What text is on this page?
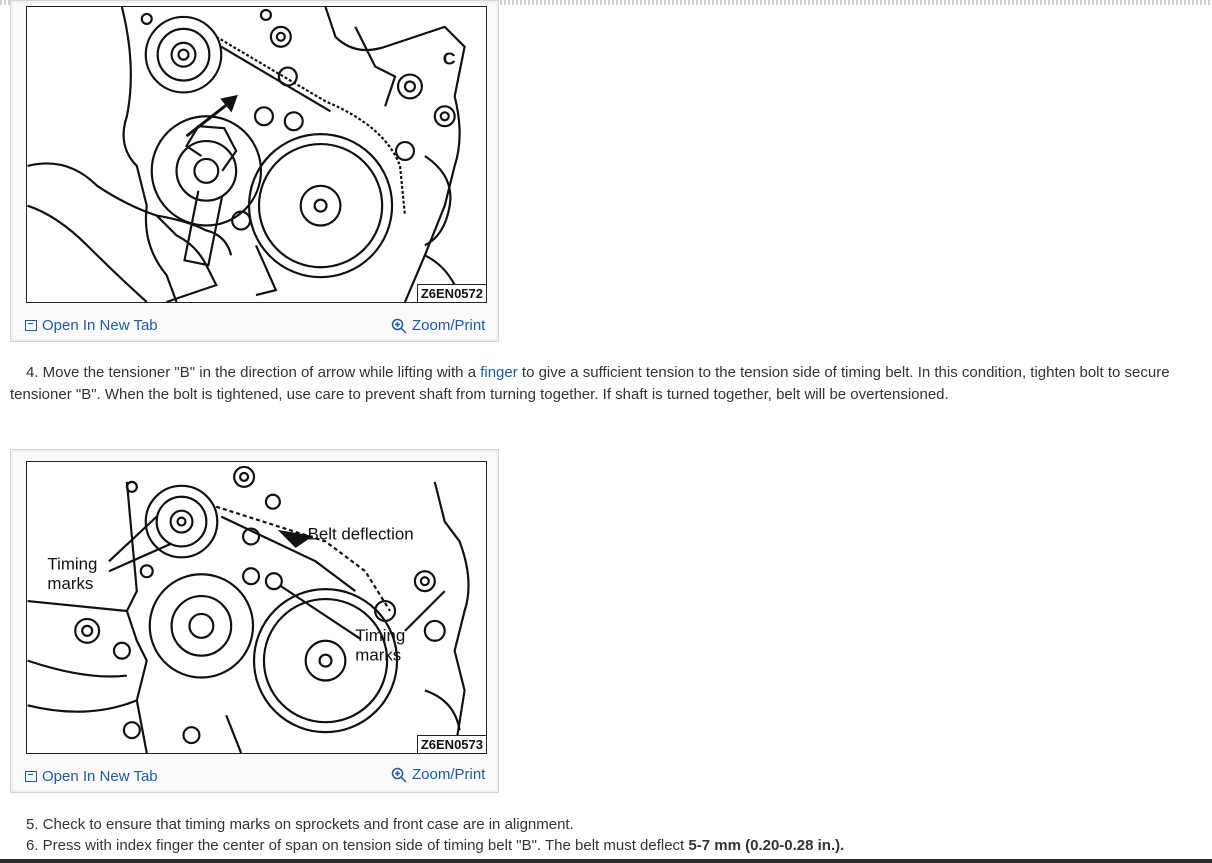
C
Z6EN0572
Open In New Tab	Zoom/Print

4. Move the tensioner "B" in the direction of arrow while lifting with a finger to give a sufficient tension to the tension side of timing belt. In this condition, tighten bolt to secure tensioner "B". When the bolt is tightened, use care to prevent shaft from turning together. If shaft is turned together, belt will be overtensioned.

Timing
marks
Belt deflection
Timing
marks
Z6EN0573
Open In New Tab	Zoom/Print

5. Check to ensure that timing marks on sprockets and front case are in alignment.

6. Press with index finger the center of span on tension side of timing belt "B". The belt must deflect 5-7 mm (0.20-0.28 in.).
